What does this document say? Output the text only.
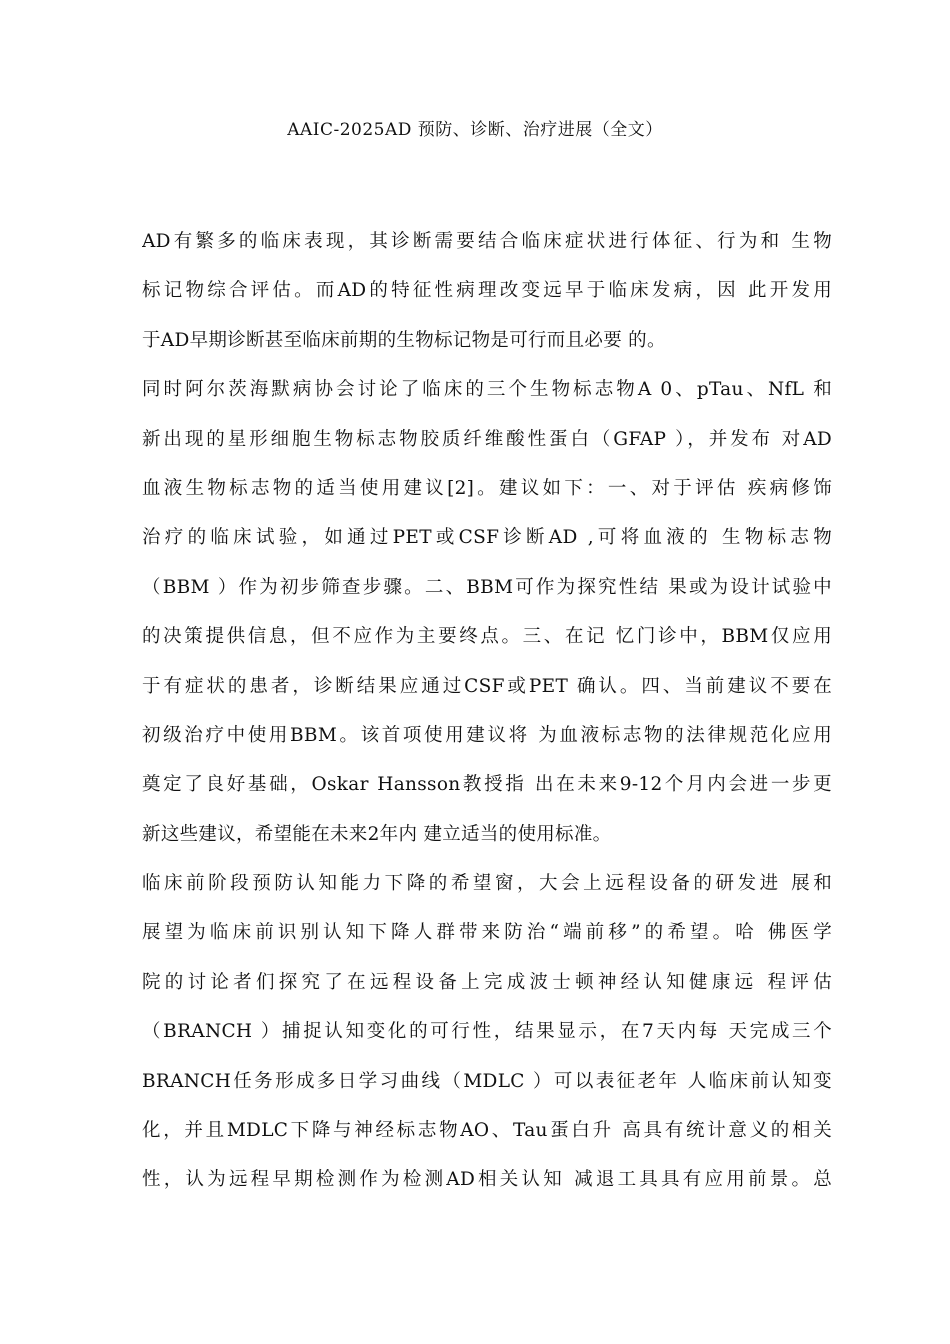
AAIC-2025AD 预防、诊断、治疗进展（全文）
AD有繁多的临床表现，其诊断需要结合临床症状进行体征、行为和 生物
标记物综合评估。而AD的特征性病理改变远早于临床发病，因 此开发用
于AD早期诊断甚至临床前期的生物标记物是可行而且必要 的。
同时阿尔茨海默病协会讨论了临床的三个生物标志物A 0、pTau、NfL 和
新出现的星形细胞生物标志物胶质纤维酸性蛋白（GFAP ），并发布 对AD
血液生物标志物的适当使用建议[2]。建议如下：一、对于评估 疾病修饰
治疗的临床试验，如通过PET或CSF诊断AD ,可将血液的 生物标志物
（BBM ）作为初步筛查步骤。二、BBM可作为探究性结 果或为设计试验中
的决策提供信息，但不应作为主要终点。三、在记 忆门诊中，BBM仅应用
于有症状的患者，诊断结果应通过CSF或PET 确认。四、当前建议不要在
初级治疗中使用BBM。该首项使用建议将 为血液标志物的法律规范化应用
奠定了良好基础，Oskar Hansson教授指 出在未来9-12个月内会进一步更
新这些建议，希望能在未来2年内 建立适当的使用标准。
临床前阶段预防认知能力下降的希望窗，大会上远程设备的研发进 展和
展望为临床前识别认知下降人群带来防治“端前移”的希望。哈 佛医学
院的讨论者们探究了在远程设备上完成波士顿神经认知健康远 程评估
（BRANCH ）捕捉认知变化的可行性，结果显示，在7天内每 天完成三个
BRANCH任务形成多日学习曲线（MDLC ）可以表征老年 人临床前认知变
化，并且MDLC下降与神经标志物AO、Tau蛋白升 高具有统计意义的相关
性，认为远程早期检测作为检测AD相关认知 减退工具具有应用前景。总
